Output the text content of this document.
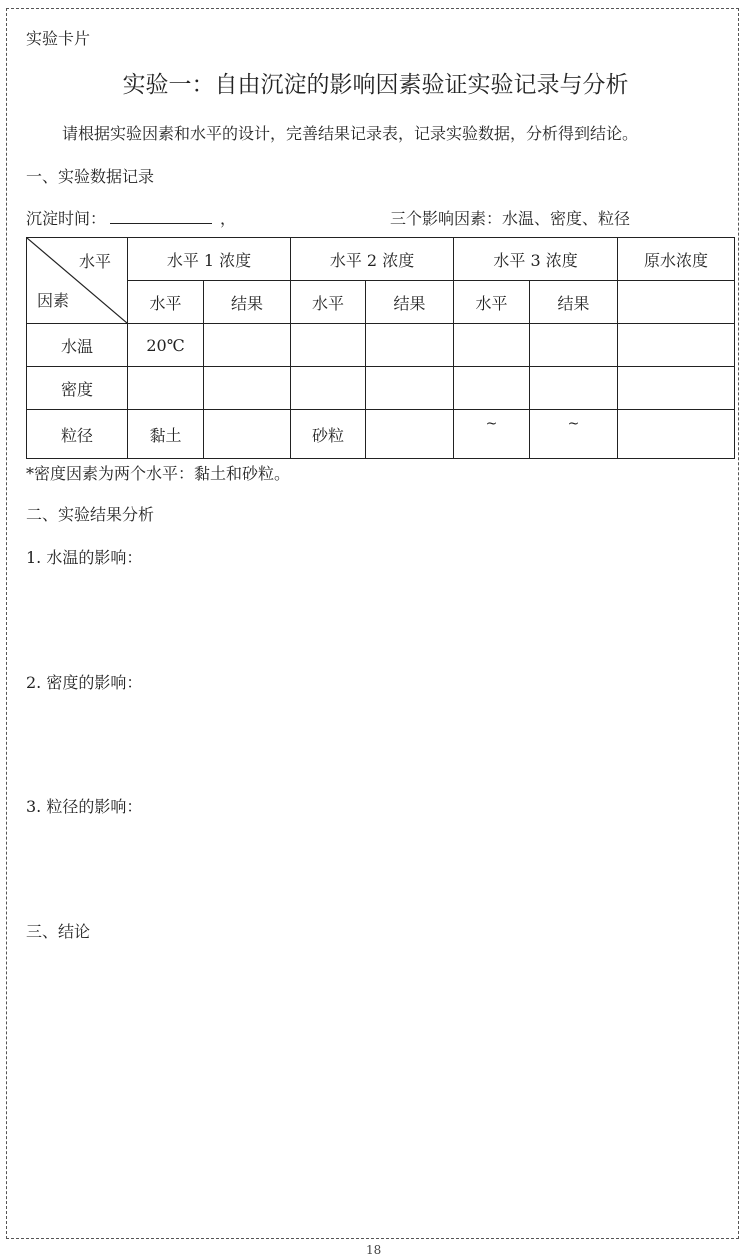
实验卡片
实验一：自由沉淀的影响因素验证实验记录与分析
请根据实验因素和水平的设计，完善结果记录表，记录实验数据，分析得到结论。
一、实验数据记录
沉淀时间：	，	三个影响因素：水温、密度、粒径
水平
因素	水平 1 浓度		水平 2 浓度		水平 3 浓度		原水浓度
	水平	结果	水平	结果	水平	结果	
水温	20℃						
密度							
粒径	黏土		砂粒		~	~	
*密度因素为两个水平：黏土和砂粒。
二、实验结果分析
1. 水温的影响：
2. 密度的影响：
3. 粒径的影响：
三、结论
18
